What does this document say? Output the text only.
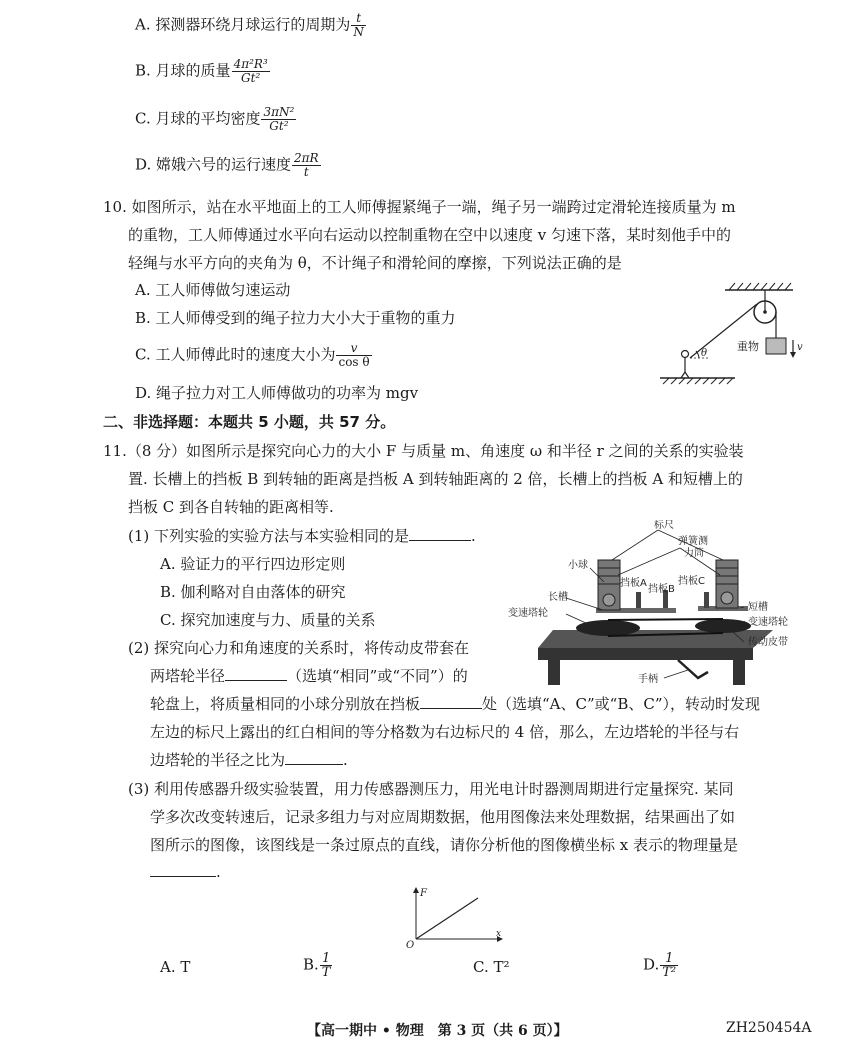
A. 探测器环绕月球运行的周期为 $\frac{t}{N}$
B. 月球的质量 $\frac{\text{4π²R³}}{\text{Gt²}}$
C. 月球的平均密度 $\frac{\text{3πN²}}{\text{Gt²}}$
D. 嫦娥六号的运行速度 $\frac{2\pi R}{t}$
10. 如图所示，站在水平地面上的工人师傅握紧绳子一端，绳子另一端跨过定滑轮连接质量为 m
的重物，工人师傅通过水平向右运动以控制重物在空中以速度 v 匀速下落，某时刻他手中的
轻绳与水平方向的夹角为 θ，不计绳子和滑轮间的摩擦，下列说法正确的是
A. 工人师傅做匀速运动
B. 工人师傅受到的绳子拉力大小大于重物的重力
C. 工人师傅此时的速度大小为 $\frac{v}{\text{cos θ}}$
D. 绳子拉力对工人师傅做功的功率为 mgv
重物	v
θ
二、非选择题：本题共 5 小题，共 57 分。
11.（8 分）如图所示是探究向心力的大小 F 与质量 m、角速度 ω 和半径 r 之间的关系的实验装
置. 长槽上的挡板 B 到转轴的距离是挡板 A 到转轴距离的 2 倍，长槽上的挡板 A 和短槽上的
挡板 C 到各自转轴的距离相等.
(1) 下列实验的实验方法与本实验相同的是	.
A. 验证力的平行四边形定则
B. 伽利略对自由落体的研究
C. 探究加速度与力、质量的关系
(2) 探究向心力和角速度的关系时，将传动皮带套在
两塔轮半径	（选填“相同”或“不同”）的
轮盘上，将质量相同的小球分别放在挡板	处（选填“A、C”或“B、C”），转动时发现
左边的标尺上露出的红白相间的等分格数为右边标尺的 4 倍，那么，左边塔轮的半径与右
边塔轮的半径之比为	.
(3) 利用传感器升级实验装置，用力传感器测压力，用光电计时器测周期进行定量探究. 某同
学多次改变转速后，记录多组力与对应周期数据，他用图像法来处理数据，结果画出了如
图所示的图像，该图线是一条过原点的直线，请你分析他的图像横坐标 x 表示的物理量是
.
标尺
弹簧测
力筒
小球
长槽
挡板A
挡板B
挡板C
变速塔轮
短槽
变速塔轮
传动皮带
手柄
F
O
x
A. T	B. $\frac{1}{T}$	C. T²	D. $\frac{1}{\text{T²}}$
【高一期中 • 物理　第 3 页（共 6 页）】	ZH250454A
